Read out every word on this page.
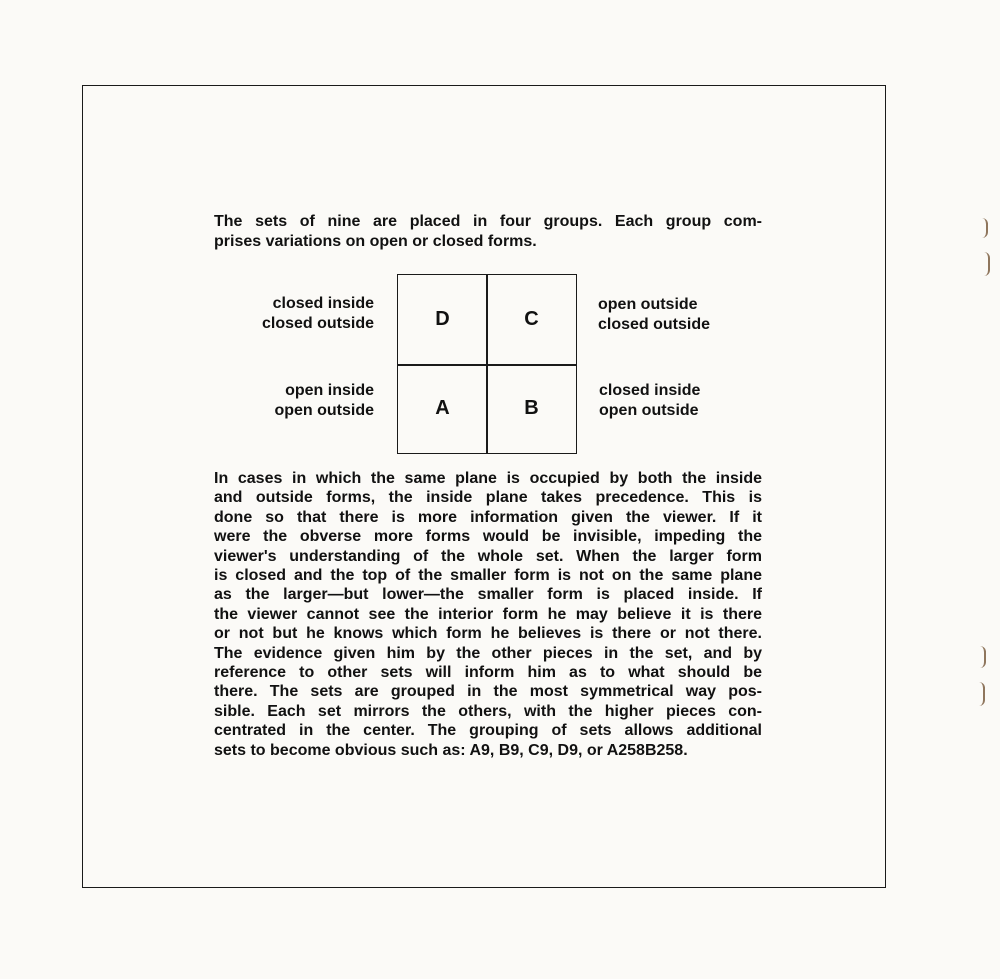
The sets of nine are placed in four groups. Each group com-
prises variations on open or closed forms.

closed inside
closed outside
open inside
open outside
open outside
closed outside
closed inside
open outside
D	C
A	B

In cases in which the same plane is occupied by both the inside
and outside forms, the inside plane takes precedence. This is
done so that there is more information given the viewer. If it
were the obverse more forms would be invisible, impeding the
viewer's understanding of the whole set. When the larger form
is closed and the top of the smaller form is not on the same plane
as the larger—but lower—the smaller form is placed inside. If
the viewer cannot see the interior form he may believe it is there
or not but he knows which form he believes is there or not there.
The evidence given him by the other pieces in the set, and by
reference to other sets will inform him as to what should be
there. The sets are grouped in the most symmetrical way pos-
sible. Each set mirrors the others, with the higher pieces con-
centrated in the center. The grouping of sets allows additional
sets to become obvious such as: A9, B9, C9, D9, or A258B258.
